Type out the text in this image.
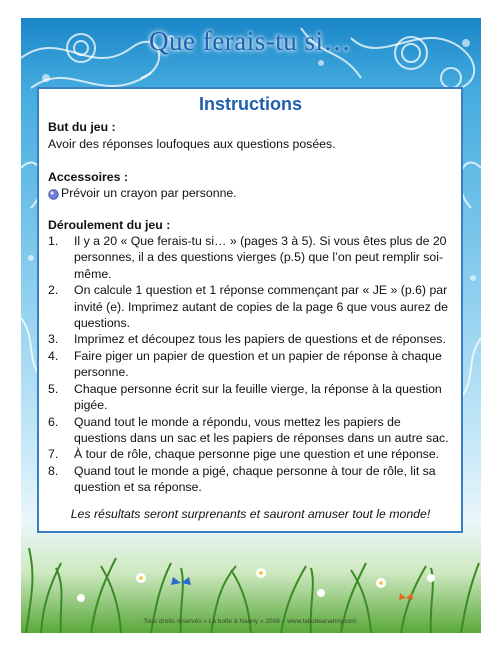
Que ferais-tu si…
Instructions

But du jeu :

Avoir des réponses loufoques aux questions posées.

Accessoires :

Prévoir un crayon par personne.

Déroulement du jeu :

1.	Il y a 20 « Que ferais-tu si… » (pages 3 à 5). Si vous êtes plus de 20 personnes, il a des questions vierges (p.5) que l’on peut remplir soi-même.
2.	On calcule 1 question et 1 réponse commençant par « JE » (p.6) par invité (e). Imprimez autant de copies de la page 6 que vous aurez de questions.
3.	Imprimez et découpez tous les papiers de questions et de réponses.
4.	Faire piger un papier de question et un papier de réponse à chaque personne.
5.	Chaque personne écrit sur la feuille vierge, la réponse à la question pigée.
6.	Quand tout le monde a répondu, vous mettez les papiers de questions dans un sac et les papiers de réponses dans un autre sac.
7.	À tour de rôle, chaque personne pige une question et une réponse.
8.	Quand tout le monde a pigé, chaque personne à tour de rôle, lit sa question et sa réponse.

Les résultats seront surprenants et sauront amuser tout le monde!

Tous droits réservés « La boîte à Nanny » 2008 – www.laboiteananny.com
